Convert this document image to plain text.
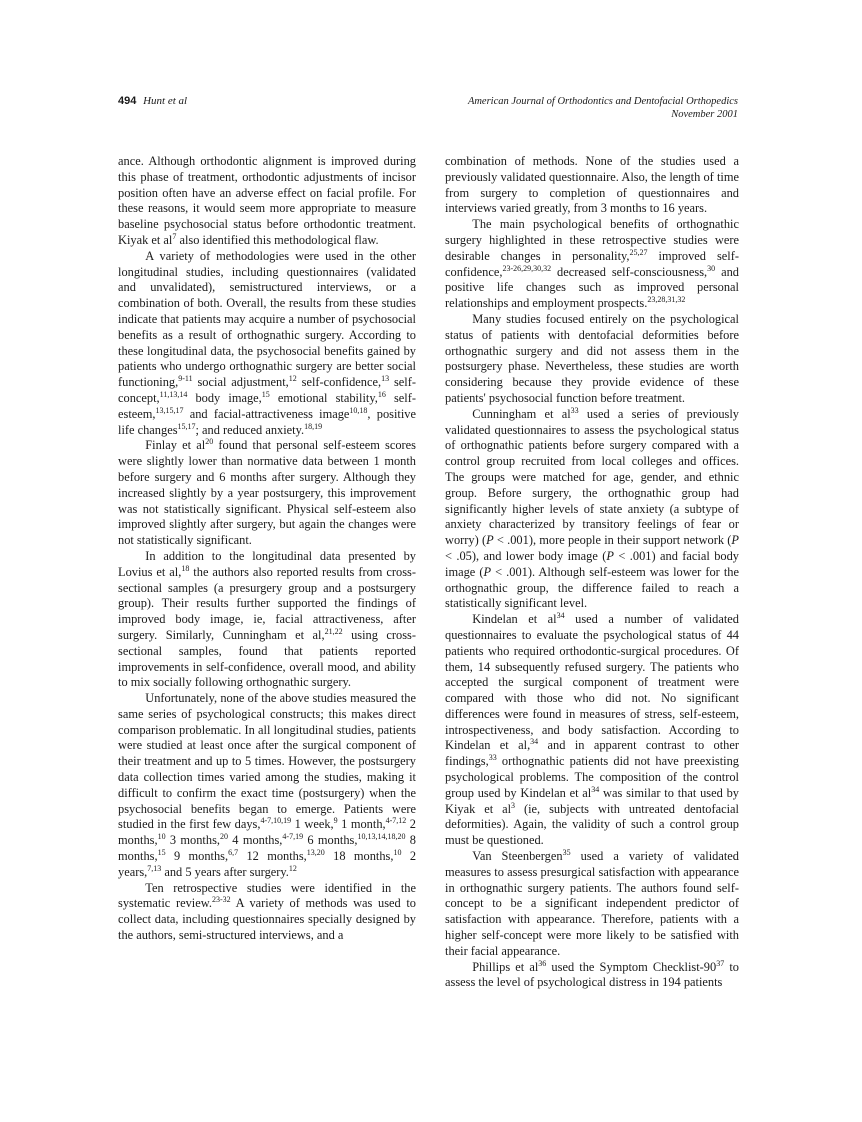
494 Hunt et al	American Journal of Orthodontics and Dentofacial Orthopedics
November 2001

ance. Although orthodontic alignment is improved during this phase of treatment, orthodontic adjustments of incisor position often have an adverse effect on facial profile. For these reasons, it would seem more appropriate to measure baseline psychosocial status before orthodontic treatment. Kiyak et $al^7$ also identified this methodological flaw.

A variety of methodologies were used in the other longitudinal studies, including questionnaires (validated and unvalidated), semistructured interviews, or a combination of both. Overall, the results from these studies indicate that patients may acquire a number of psychosocial benefits as a result of orthognathic surgery. According to these longitudinal data, the psychosocial benefits gained by patients who undergo orthognathic surgery are better social functioning,$^{9-11}$ social adjustment,$^{12}$ self-confidence,$^{13}$ self-concept,$^{11,13,14}$ body image,$^{15}$ emotional stability,$^{16}$ self-esteem,$^{13,15,17}$ and facial-attractiveness image$^{10,18}$, positive life changes$^{15,17}$; and reduced anxiety.$^{18,19}$

Finlay et $al^{20}$ found that personal self-esteem scores were slightly lower than normative data between 1 month before surgery and 6 months after surgery. Although they increased slightly by a year postsurgery, this improvement was not statistically significant. Physical self-esteem also improved slightly after surgery, but again the changes were not statistically significant.

In addition to the longitudinal data presented by Lovius et al,$^{18}$ the authors also reported results from cross-sectional samples (a presurgery group and a postsurgery group). Their results further supported the findings of improved body image, ie, facial attractiveness, after surgery. Similarly, Cunningham et al,$^{21,22}$ using cross-sectional samples, found that patients reported improvements in self-confidence, overall mood, and ability to mix socially following orthognathic surgery.

Unfortunately, none of the above studies measured the same series of psychological constructs; this makes direct comparison problematic. In all longitudinal studies, patients were studied at least once after the surgical component of their treatment and up to 5 times. However, the postsurgery data collection times varied among the studies, making it difficult to confirm the exact time (postsurgery) when the psychosocial benefits began to emerge. Patients were studied in the first few days,$^{4-7,10,19}$ 1 week,$^9$ 1 month,$^{4-7,12}$ 2 months,$^{10}$ 3 months,$^{20}$ 4 months,$^{4-7,19}$ 6 months,$^{10,13,14,18,20}$ 8 months,$^{15}$ 9 months,$^{6,7}$ 12 months,$^{13,20}$ 18 months,$^{10}$ 2 years,$^{7,13}$ and 5 years after surgery.$^{12}$

Ten retrospective studies were identified in the systematic review.$^{23-32}$ A variety of methods was used to collect data, including questionnaires specially designed by the authors, semi-structured interviews, and a

combination of methods. None of the studies used a previously validated questionnaire. Also, the length of time from surgery to completion of questionnaires and interviews varied greatly, from 3 months to 16 years.

The main psychological benefits of orthognathic surgery highlighted in these retrospective studies were desirable changes in personality,$^{25,27}$ improved self-confidence,$^{23-26,29,30,32}$ decreased self-consciousness,$^{30}$ and positive life changes such as improved personal relationships and employment prospects.$^{23,28,31,32}$

Many studies focused entirely on the psychological status of patients with dentofacial deformities before orthognathic surgery and did not assess them in the postsurgery phase. Nevertheless, these studies are worth considering because they provide evidence of these patients' psychosocial function before treatment.

Cunningham et $al^{33}$ used a series of previously validated questionnaires to assess the psychological status of orthognathic patients before surgery compared with a control group recruited from local colleges and offices. The groups were matched for age, gender, and ethnic group. Before surgery, the orthognathic group had significantly higher levels of state anxiety (a subtype of anxiety characterized by transitory feelings of fear or worry) (P < .001), more people in their support network (P < .05), and lower body image (P < .001) and facial body image (P < .001). Although self-esteem was lower for the orthognathic group, the difference failed to reach a statistically significant level.

Kindelan et $al^{34}$ used a number of validated questionnaires to evaluate the psychological status of 44 patients who required orthodontic-surgical procedures. Of them, 14 subsequently refused surgery. The patients who accepted the surgical component of treatment were compared with those who did not. No significant differences were found in measures of stress, self-esteem, introspectiveness, and body satisfaction. According to Kindelan et al,$^{34}$ and in apparent contrast to other findings,$^{33}$ orthognathic patients did not have preexisting psychological problems. The composition of the control group used by Kindelan et $al^{34}$ was similar to that used by Kiyak et $al^3$ (ie, subjects with untreated dentofacial deformities). Again, the validity of such a control group must be questioned.

Van Steenbergen$^{35}$ used a variety of validated measures to assess presurgical satisfaction with appearance in orthognathic surgery patients. The authors found self-concept to be a significant independent predictor of satisfaction with appearance. Therefore, patients with a higher self-concept were more likely to be satisfied with their facial appearance.

Phillips et $al^{36}$ used the Symptom Checklist-$90^{37}$ to assess the level of psychological distress in 194 patients
